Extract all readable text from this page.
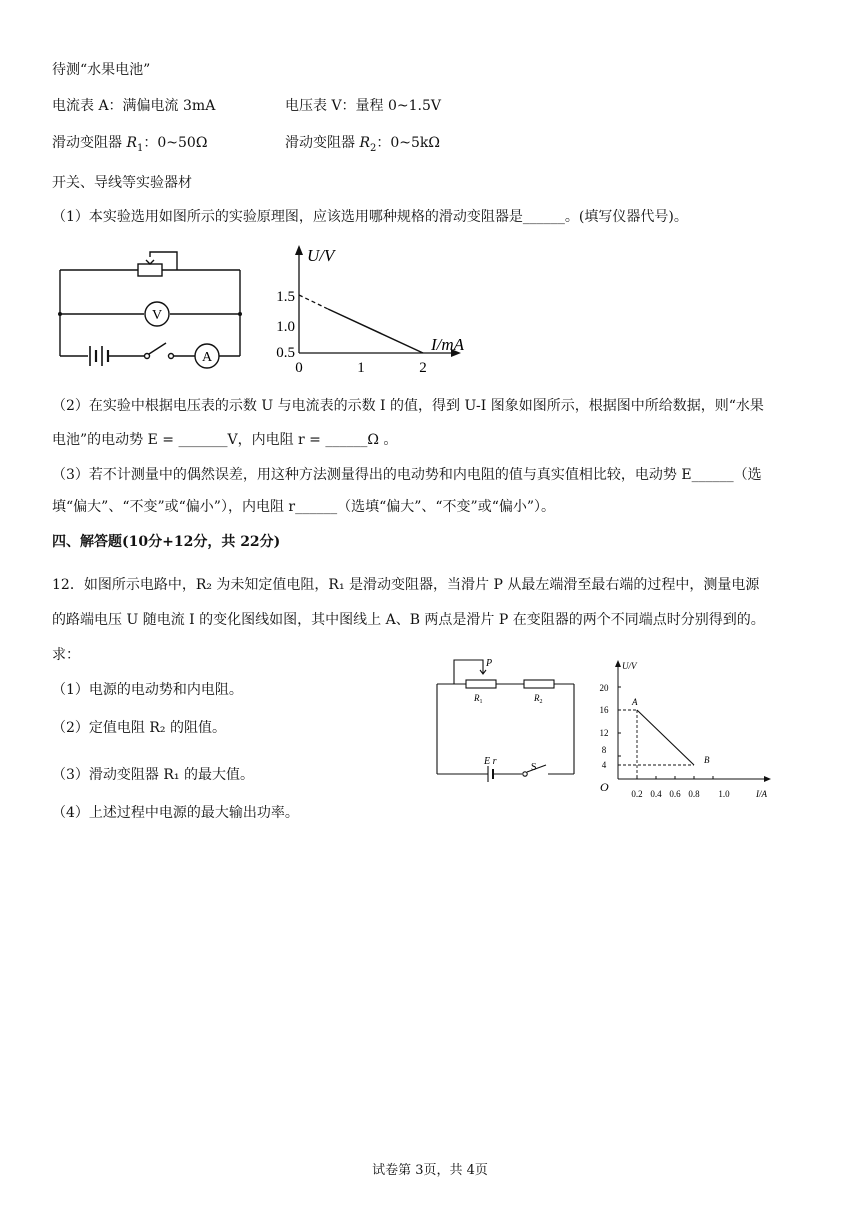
待测“水果电池”
电流表 A：满偏电流 3mA	电压表 V：量程 0~1.5V
滑动变阻器 $R_1$：0~50Ω	滑动变阻器 $R_2$：0~5kΩ
开关、导线等实验器材
（1）本实验选用如图所示的实验原理图，应该选用哪种规格的滑动变阻器是______。(填写仪器代号)。
V
A
U/V
I/mA
1.5
1.0
0.5
0	1	2
（2）在实验中根据电压表的示数 U 与电流表的示数 I 的值，得到 U-I 图象如图所示，根据图中所给数据，则“水果
电池”的电动势 E = _______V，内电阻 r = ______Ω 。
（3）若不计测量中的偶然误差，用这种方法测量得出的电动势和内电阻的值与真实值相比较，电动势 E______（选
填“偏大”、“不变”或“偏小”），内电阻 r______（选填“偏大”、“不变”或“偏小”）。
四、解答题(10分+12分，共 22分)
12．如图所示电路中，R₂ 为未知定值电阻，R₁ 是滑动变阻器，当滑片 P 从最左端滑至最右端的过程中，测量电源
的路端电压 U 随电流 I 的变化图线如图，其中图线上 A、B 两点是滑片 P 在变阻器的两个不同端点时分别得到的。
求：
（1）电源的电动势和内电阻。
（2）定值电阻 R₂ 的阻值。
（3）滑动变阻器 R₁ 的最大值。
（4）上述过程中电源的最大输出功率。
P
$R_1$	$R_2$
E r
S
U/V
I/A
O
20
16
12
8
4
0.2 0.4 0.6 0.8 1.0
A
B
试卷第 3页，共 4页
